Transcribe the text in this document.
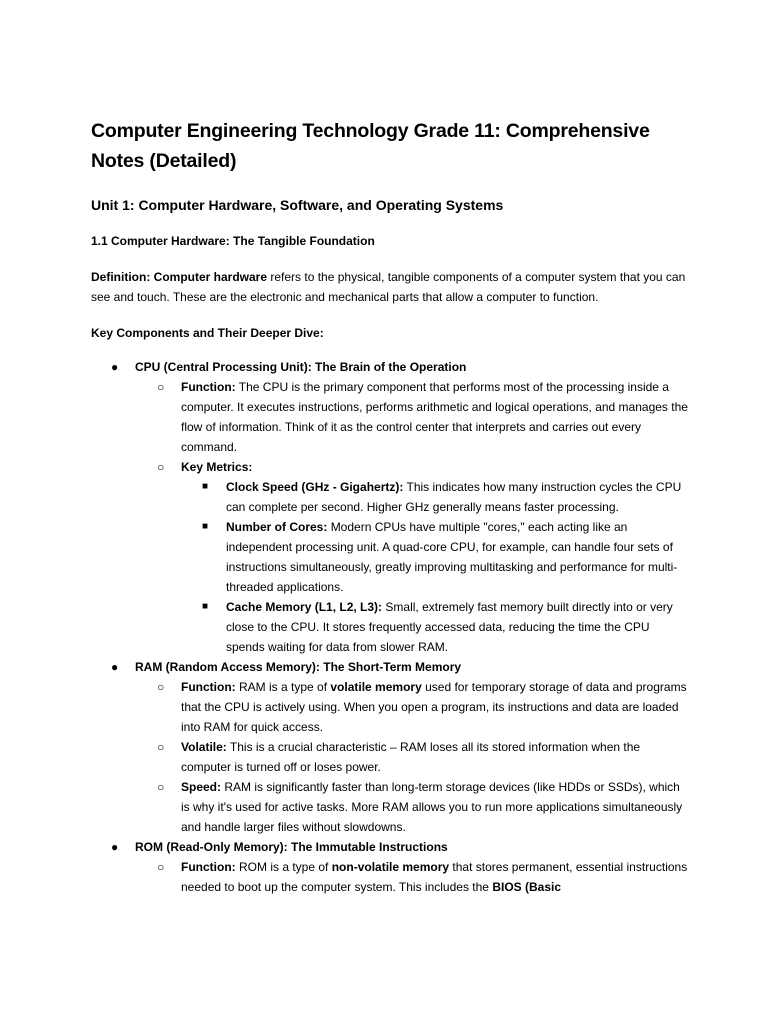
Computer Engineering Technology Grade 11: Comprehensive Notes (Detailed)
Unit 1: Computer Hardware, Software, and Operating Systems
1.1 Computer Hardware: The Tangible Foundation

Definition: Computer hardware refers to the physical, tangible components of a computer system that you can see and touch. These are the electronic and mechanical parts that allow a computer to function.

Key Components and Their Deeper Dive:

● CPU (Central Processing Unit): The Brain of the Operation
○ Function: The CPU is the primary component that performs most of the processing inside a computer. It executes instructions, performs arithmetic and logical operations, and manages the flow of information. Think of it as the control center that interprets and carries out every command.
○ Key Metrics:
■ Clock Speed (GHz - Gigahertz): This indicates how many instruction cycles the CPU can complete per second. Higher GHz generally means faster processing.
■ Number of Cores: Modern CPUs have multiple "cores," each acting like an independent processing unit. A quad-core CPU, for example, can handle four sets of instructions simultaneously, greatly improving multitasking and performance for multi-threaded applications.
■ Cache Memory (L1, L2, L3): Small, extremely fast memory built directly into or very close to the CPU. It stores frequently accessed data, reducing the time the CPU spends waiting for data from slower RAM.
● RAM (Random Access Memory): The Short-Term Memory
○ Function: RAM is a type of volatile memory used for temporary storage of data and programs that the CPU is actively using. When you open a program, its instructions and data are loaded into RAM for quick access.
○ Volatile: This is a crucial characteristic – RAM loses all its stored information when the computer is turned off or loses power.
○ Speed: RAM is significantly faster than long-term storage devices (like HDDs or SSDs), which is why it's used for active tasks. More RAM allows you to run more applications simultaneously and handle larger files without slowdowns.
● ROM (Read-Only Memory): The Immutable Instructions
○ Function: ROM is a type of non-volatile memory that stores permanent, essential instructions needed to boot up the computer system. This includes the BIOS (Basic
